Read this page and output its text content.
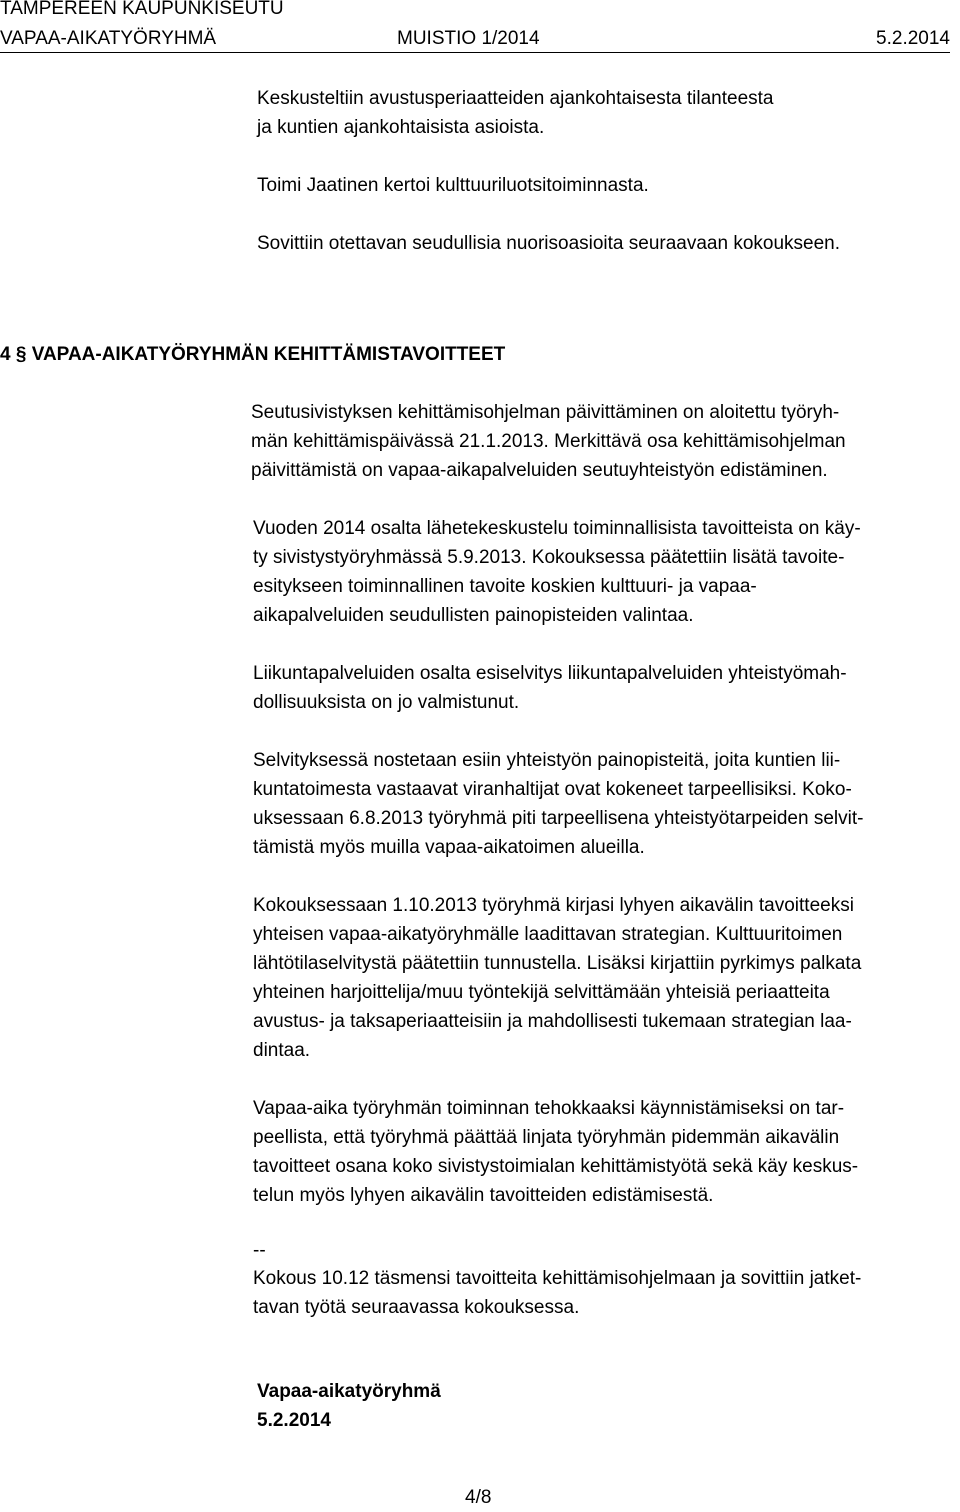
TAMPEREEN KAUPUNKISEUTU
VAPAA-AIKATYÖRYHMÄ	MUISTIO 1/2014	5.2.2014

Keskusteltiin avustusperiaatteiden ajankohtaisesta tilanteesta
ja kuntien ajankohtaisista asioista.

Toimi Jaatinen kertoi kulttuuriluotsitoiminnasta.

Sovittiin otettavan seudullisia nuorisoasioita seuraavaan kokoukseen.

4 § VAPAA-AIKATYÖRYHMÄN KEHITTÄMISTAVOITTEET

Seutusivistyksen kehittämisohjelman päivittäminen on aloitettu työryh-
män kehittämispäivässä 21.1.2013. Merkittävä osa kehittämisohjelman
päivittämistä on vapaa-aikapalveluiden seutuyhteistyön edistäminen.

Vuoden 2014 osalta lähetekeskustelu toiminnallisista tavoitteista on käy-
ty sivistystyöryhmässä 5.9.2013. Kokouksessa päätettiin lisätä tavoite-
esitykseen toiminnallinen tavoite koskien kulttuuri- ja vapaa-
aikapalveluiden seudullisten painopisteiden valintaa.

Liikuntapalveluiden osalta esiselvitys liikuntapalveluiden yhteistyömah-
dollisuuksista on jo valmistunut.

Selvityksessä nostetaan esiin yhteistyön painopisteitä, joita kuntien lii-
kuntatoimesta vastaavat viranhaltijat ovat kokeneet tarpeellisiksi. Koko-
uksessaan 6.8.2013 työryhmä piti tarpeellisena yhteistyötarpeiden selvit-
tämistä myös muilla vapaa-aikatoimen alueilla.

Kokouksessaan 1.10.2013 työryhmä kirjasi lyhyen aikavälin tavoitteeksi
yhteisen vapaa-aikatyöryhmälle laadittavan strategian. Kulttuuritoimen
lähtötilaselvitystä päätettiin tunnustella. Lisäksi kirjattiin pyrkimys palkata
yhteinen harjoittelija/muu työntekijä selvittämään yhteisiä periaatteita
avustus- ja taksaperiaatteisiin ja mahdollisesti tukemaan strategian laa-
dintaa.

Vapaa-aika työryhmän toiminnan tehokkaaksi käynnistämiseksi on tar-
peellista, että työryhmä päättää linjata työryhmän pidemmän aikavälin
tavoitteet osana koko sivistystoimialan kehittämistyötä sekä käy keskus-
telun myös lyhyen aikavälin tavoitteiden edistämisestä.

--

Kokous 10.12 täsmensi tavoitteita kehittämisohjelmaan ja sovittiin jatket-
tavan työtä seuraavassa kokouksessa.

Vapaa-aikatyöryhmä
5.2.2014
4/8
